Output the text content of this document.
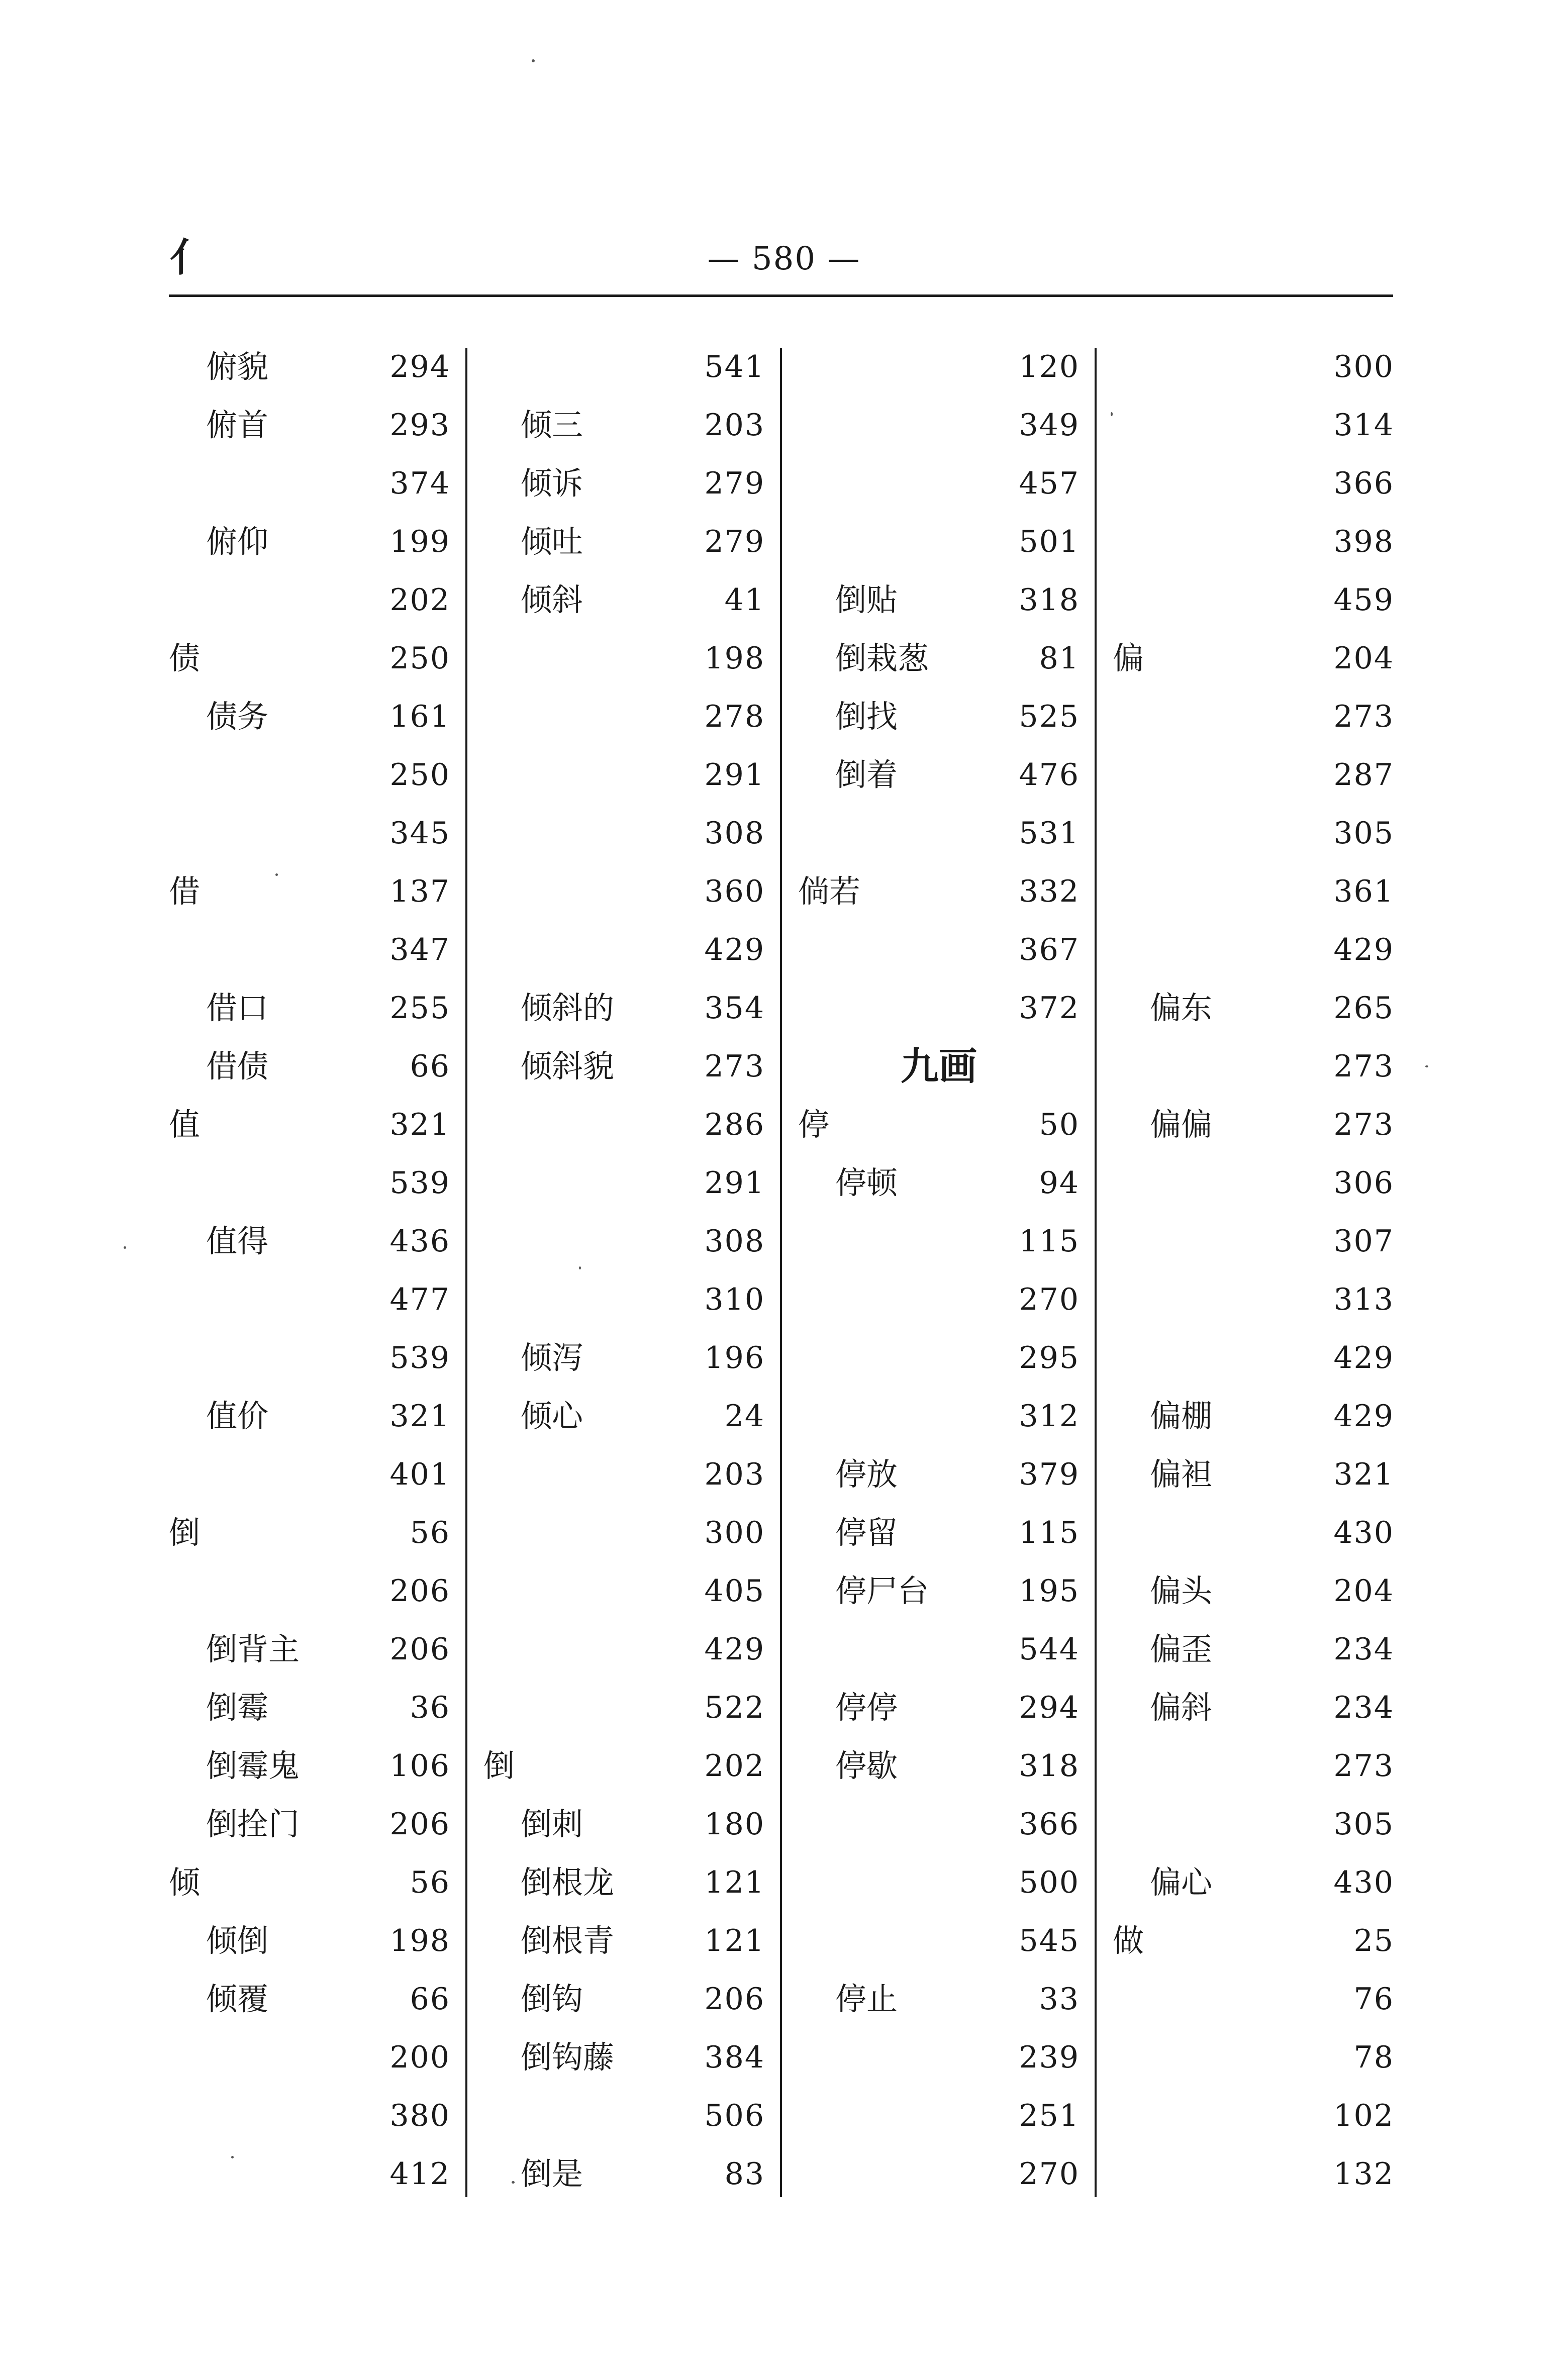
亻	— 580 —
俯貌	294
俯首	293
374
俯仰	199
202
债	250
债务	161
250
345
借	137
347
借口	255
借债	66
值	321
539
值得	436
477
539
值价	321
401
倒	56
206
倒背主	206
倒霉	36
倒霉鬼	106
倒拴门	206
倾	56
倾倒	198
倾覆	66
200
380
412
541
倾三	203
倾诉	279
倾吐	279
倾斜	41
198
278
291
308
360
429
倾斜的	354
倾斜貌	273
286
291
308
310
倾泻	196
倾心	24
203
300
405
429
522
倒	202
倒刺	180
倒根龙	121
倒根青	121
倒钩	206
倒钩藤	384
506
倒是	83
120
349
457
501
倒贴	318
倒栽葱	81
倒找	525
倒着	476
531
倘若	332
367
372
九画
停	50
停顿	94
115
270
295
312
停放	379
停留	115
停尸台	195
544
停停	294
停歇	318
366
500
545
停止	33
239
251
270
300
314
366
398
459
偏	204
273
287
305
361
429
偏东	265
273
偏偏	273
306
307
313
429
偏棚	429
偏袒	321
430
偏头	204
偏歪	234
偏斜	234
273
305
偏心	430
做	25
76
78
102
132
